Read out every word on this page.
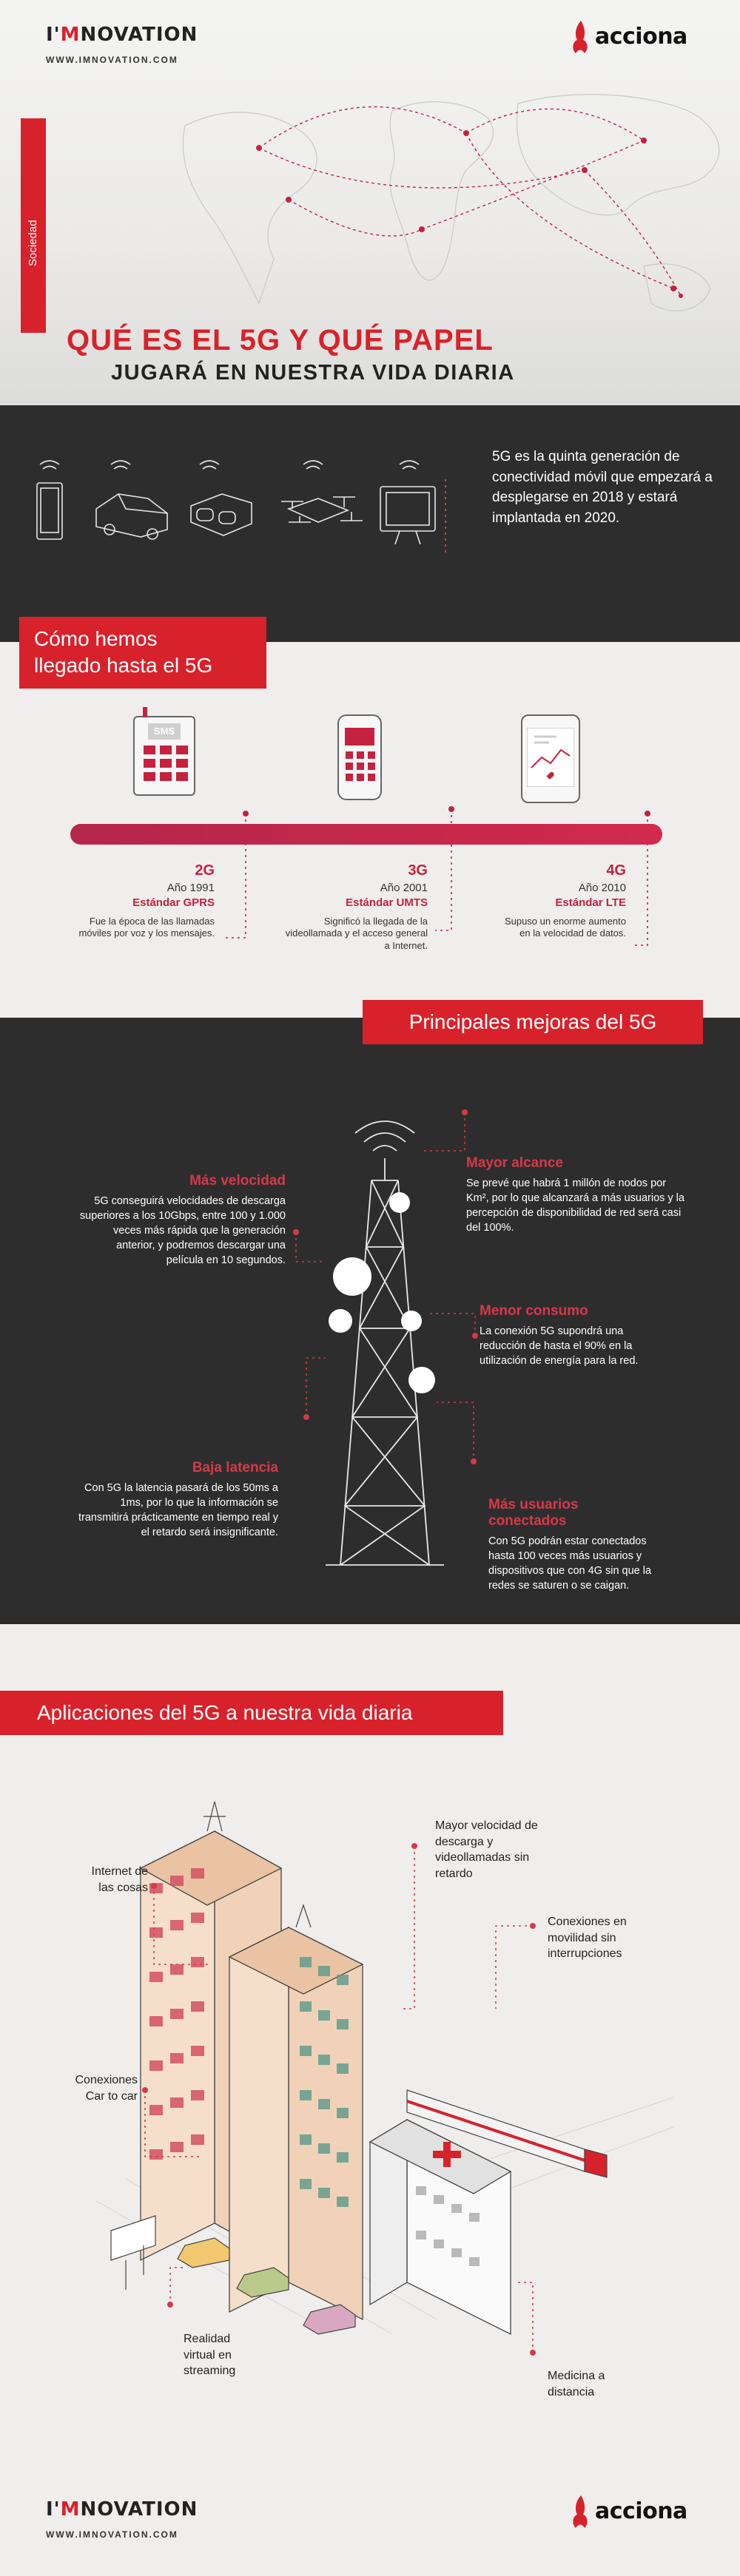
I'MNOVATION
WWW.IMNOVATION.COM
acciona
Sociedad
QUÉ ES EL 5G Y QUÉ PAPEL
JUGARÁ EN NUESTRA VIDA DIARIA

5G es la quinta generación de conectividad móvil que empezará a desplegarse en 2018 y estará implantada en 2020.

Cómo hemos
llegado hasta el 5G
SMS
2G
Año 1991
Estándar GPRS
Fue la época de las llamadas móviles por voz y los mensajes.
3G
Año 2001
Estándar UMTS
Significó la llegada de la videollamada y el acceso general a Internet.
4G
Año 2010
Estándar LTE
Supuso un enorme aumento en la velocidad de datos.
Principales mejoras del 5G
Más velocidad
5G conseguirá velocidades de descarga superiores a los 10Gbps, entre 100 y 1.000 veces más rápida que la generación anterior, y podremos descargar una película en 10 segundos.
Mayor alcance
Se prevé que habrá 1 millón de nodos por Km², por lo que alcanzará a más usuarios y la percepción de disponibilidad de red será casi del 100%.
Menor consumo
La conexión 5G supondrá una reducción de hasta el 90% en la utilización de energía para la red.
Baja latencia
Con 5G la latencia pasará de los 50ms a 1ms, por lo que la información se transmitirá prácticamente en tiempo real y el retardo será insignificante.
Más usuarios conectados
Con 5G podrán estar conectados hasta 100 veces más usuarios y dispositivos que con 4G sin que la redes se saturen o se caigan.
Aplicaciones del 5G a nuestra vida diaria
Internet de las cosas
Mayor velocidad de descarga y videollamadas sin retardo
Conexiones en movilidad sin interrupciones
Conexiones Car to car
Realidad virtual en streaming	Medicina a distancia
I'MNOVATION
WWW.IMNOVATION.COM
acciona
